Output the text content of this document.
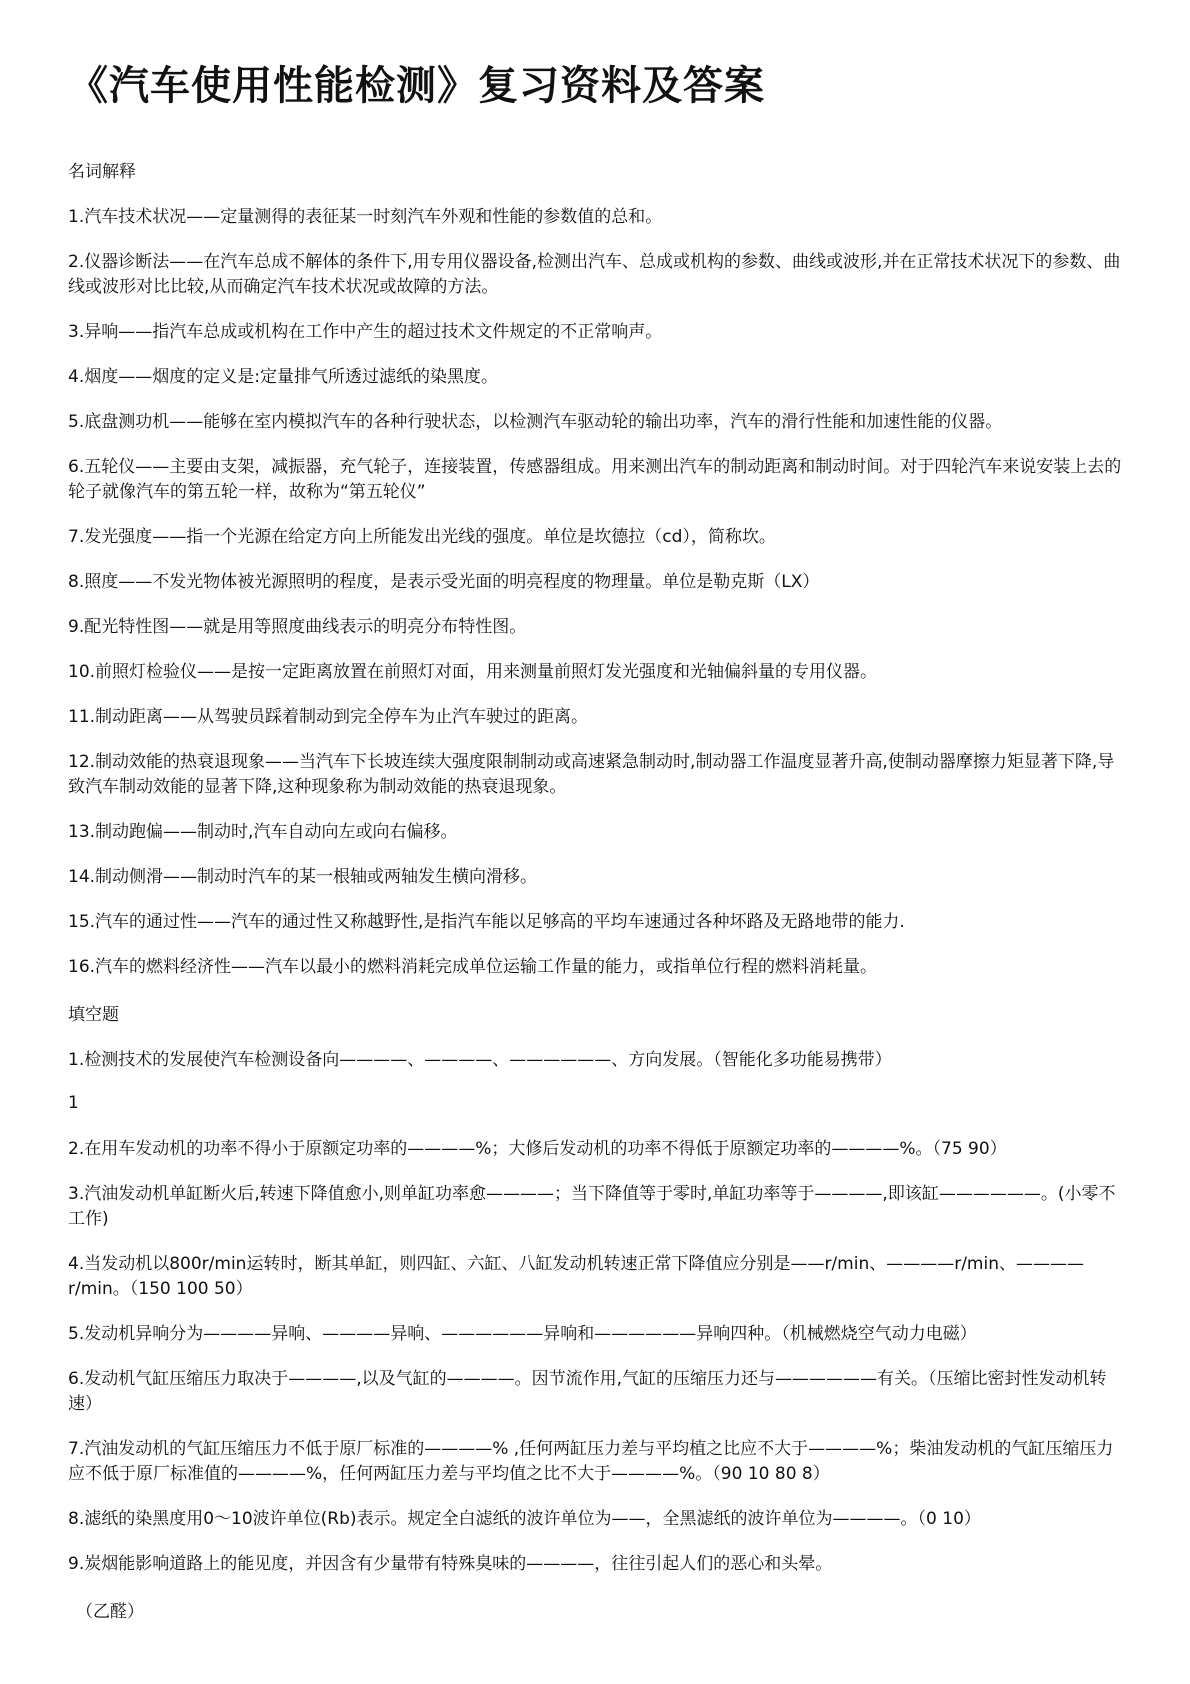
《汽车使用性能检测》复习资料及答案
名词解释
1.汽车技术状况——定量测得的表征某一时刻汽车外观和性能的参数值的总和。
2.仪器诊断法——在汽车总成不解体的条件下,用专用仪器设备,检测出汽车、总成或机构的参数、曲线或波形,并在正常技术状况下的参数、曲线或波形对比比较,从而确定汽车技术状况或故障的方法。
3.异响——指汽车总成或机构在工作中产生的超过技术文件规定的不正常响声。
4.烟度——烟度的定义是:定量排气所透过滤纸的染黑度。
5.底盘测功机——能够在室内模拟汽车的各种行驶状态，以检测汽车驱动轮的输出功率，汽车的滑行性能和加速性能的仪器。
6.五轮仪——主要由支架，减振器，充气轮子，连接装置，传感器组成。用来测出汽车的制动距离和制动时间。对于四轮汽车来说安装上去的轮子就像汽车的第五轮一样，故称为“第五轮仪”
7.发光强度——指一个光源在给定方向上所能发出光线的强度。单位是坎德拉（cd），简称坎。
8.照度——不发光物体被光源照明的程度，是表示受光面的明亮程度的物理量。单位是勒克斯（LX）
9.配光特性图——就是用等照度曲线表示的明亮分布特性图。
10.前照灯检验仪——是按一定距离放置在前照灯对面，用来测量前照灯发光强度和光轴偏斜量的专用仪器。
11.制动距离——从驾驶员踩着制动到完全停车为止汽车驶过的距离。
12.制动效能的热衰退现象——当汽车下长坡连续大强度限制制动或高速紧急制动时,制动器工作温度显著升高,使制动器摩擦力矩显著下降,导致汽车制动效能的显著下降,这种现象称为制动效能的热衰退现象。
13.制动跑偏——制动时,汽车自动向左或向右偏移。
14.制动侧滑——制动时汽车的某一根轴或两轴发生横向滑移。
15.汽车的通过性——汽车的通过性又称越野性,是指汽车能以足够高的平均车速通过各种坏路及无路地带的能力.
16.汽车的燃料经济性——汽车以最小的燃料消耗完成单位运输工作量的能力，或指单位行程的燃料消耗量。
填空题
1.检测技术的发展使汽车检测设备向————、————、——————、方向发展。（智能化多功能易携带）
1
2.在用车发动机的功率不得小于原额定功率的————%；大修后发动机的功率不得低于原额定功率的————%。（75 90）
3.汽油发动机单缸断火后,转速下降值愈小,则单缸功率愈————；当下降值等于零时,单缸功率等于————,即该缸——————。(小零不工作)
4.当发动机以800r/min运转时，断其单缸，则四缸、六缸、八缸发动机转速正常下降值应分别是——r/min、————r/min、————r/min。（150 100 50）
5.发动机异响分为————异响、————异响、——————异响和——————异响四种。（机械燃烧空气动力电磁）
6.发动机气缸压缩压力取决于————,以及气缸的————。因节流作用,气缸的压缩压力还与——————有关。（压缩比密封性发动机转速）
7.汽油发动机的气缸压缩压力不低于原厂标准的————% ,任何两缸压力差与平均植之比应不大于————%；柴油发动机的气缸压缩压力应不低于原厂标准值的————%，任何两缸压力差与平均值之比不大于————%。（90 10 80 8）
8.滤纸的染黑度用0～10波许单位(Rb)表示。规定全白滤纸的波许单位为——，全黑滤纸的波许单位为————。（0 10）
9.炭烟能影响道路上的能见度，并因含有少量带有特殊臭味的————，往往引起人们的恶心和头晕。
（乙醛）
